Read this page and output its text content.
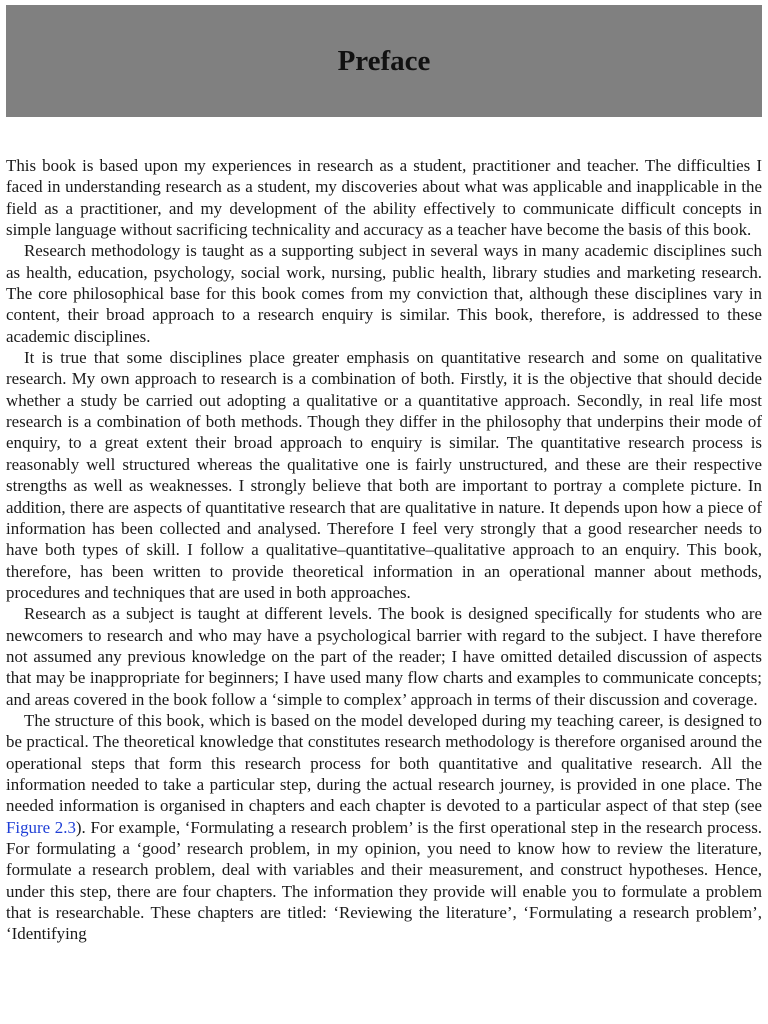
Preface

This book is based upon my experiences in research as a student, practitioner and teacher. The difficulties I faced in understanding research as a student, my discoveries about what was applicable and inapplicable in the field as a practitioner, and my development of the ability effectively to communicate difficult concepts in simple language without sacrificing technicality and accuracy as a teacher have become the basis of this book.

Research methodology is taught as a supporting subject in several ways in many academic disciplines such as health, education, psychology, social work, nursing, public health, library studies and marketing research. The core philosophical base for this book comes from my conviction that, although these disciplines vary in content, their broad approach to a research enquiry is similar. This book, therefore, is addressed to these academic disciplines.

It is true that some disciplines place greater emphasis on quantitative research and some on qualitative research. My own approach to research is a combination of both. Firstly, it is the objective that should decide whether a study be carried out adopting a qualitative or a quantitative approach. Secondly, in real life most research is a combination of both methods. Though they differ in the philosophy that underpins their mode of enquiry, to a great extent their broad approach to enquiry is similar. The quantitative research process is reasonably well structured whereas the qualitative one is fairly unstructured, and these are their respective strengths as well as weaknesses. I strongly believe that both are important to portray a complete picture. In addition, there are aspects of quantitative research that are qualitative in nature. It depends upon how a piece of information has been collected and analysed. Therefore I feel very strongly that a good researcher needs to have both types of skill. I follow a qualitative–quantitative–qualitative approach to an enquiry. This book, therefore, has been written to provide theoretical information in an operational manner about methods, procedures and techniques that are used in both approaches.

Research as a subject is taught at different levels. The book is designed specifically for students who are newcomers to research and who may have a psychological barrier with regard to the subject. I have therefore not assumed any previous knowledge on the part of the reader; I have omitted detailed discussion of aspects that may be inappropriate for beginners; I have used many flow charts and examples to communicate concepts; and areas covered in the book follow a ‘simple to complex’ approach in terms of their discussion and coverage.

The structure of this book, which is based on the model developed during my teaching career, is designed to be practical. The theoretical knowledge that constitutes research methodology is therefore organised around the operational steps that form this research process for both quantitative and qualitative research. All the information needed to take a particular step, during the actual research journey, is provided in one place. The needed information is organised in chapters and each chapter is devoted to a particular aspect of that step (see Figure 2.3). For example, ‘Formulating a research problem’ is the first operational step in the research process. For formulating a ‘good’ research problem, in my opinion, you need to know how to review the literature, formulate a research problem, deal with variables and their measurement, and construct hypotheses. Hence, under this step, there are four chapters. The information they provide will enable you to formulate a problem that is researchable. These chapters are titled: ‘Reviewing the literature’, ‘Formulating a research problem’, ‘Identifying
